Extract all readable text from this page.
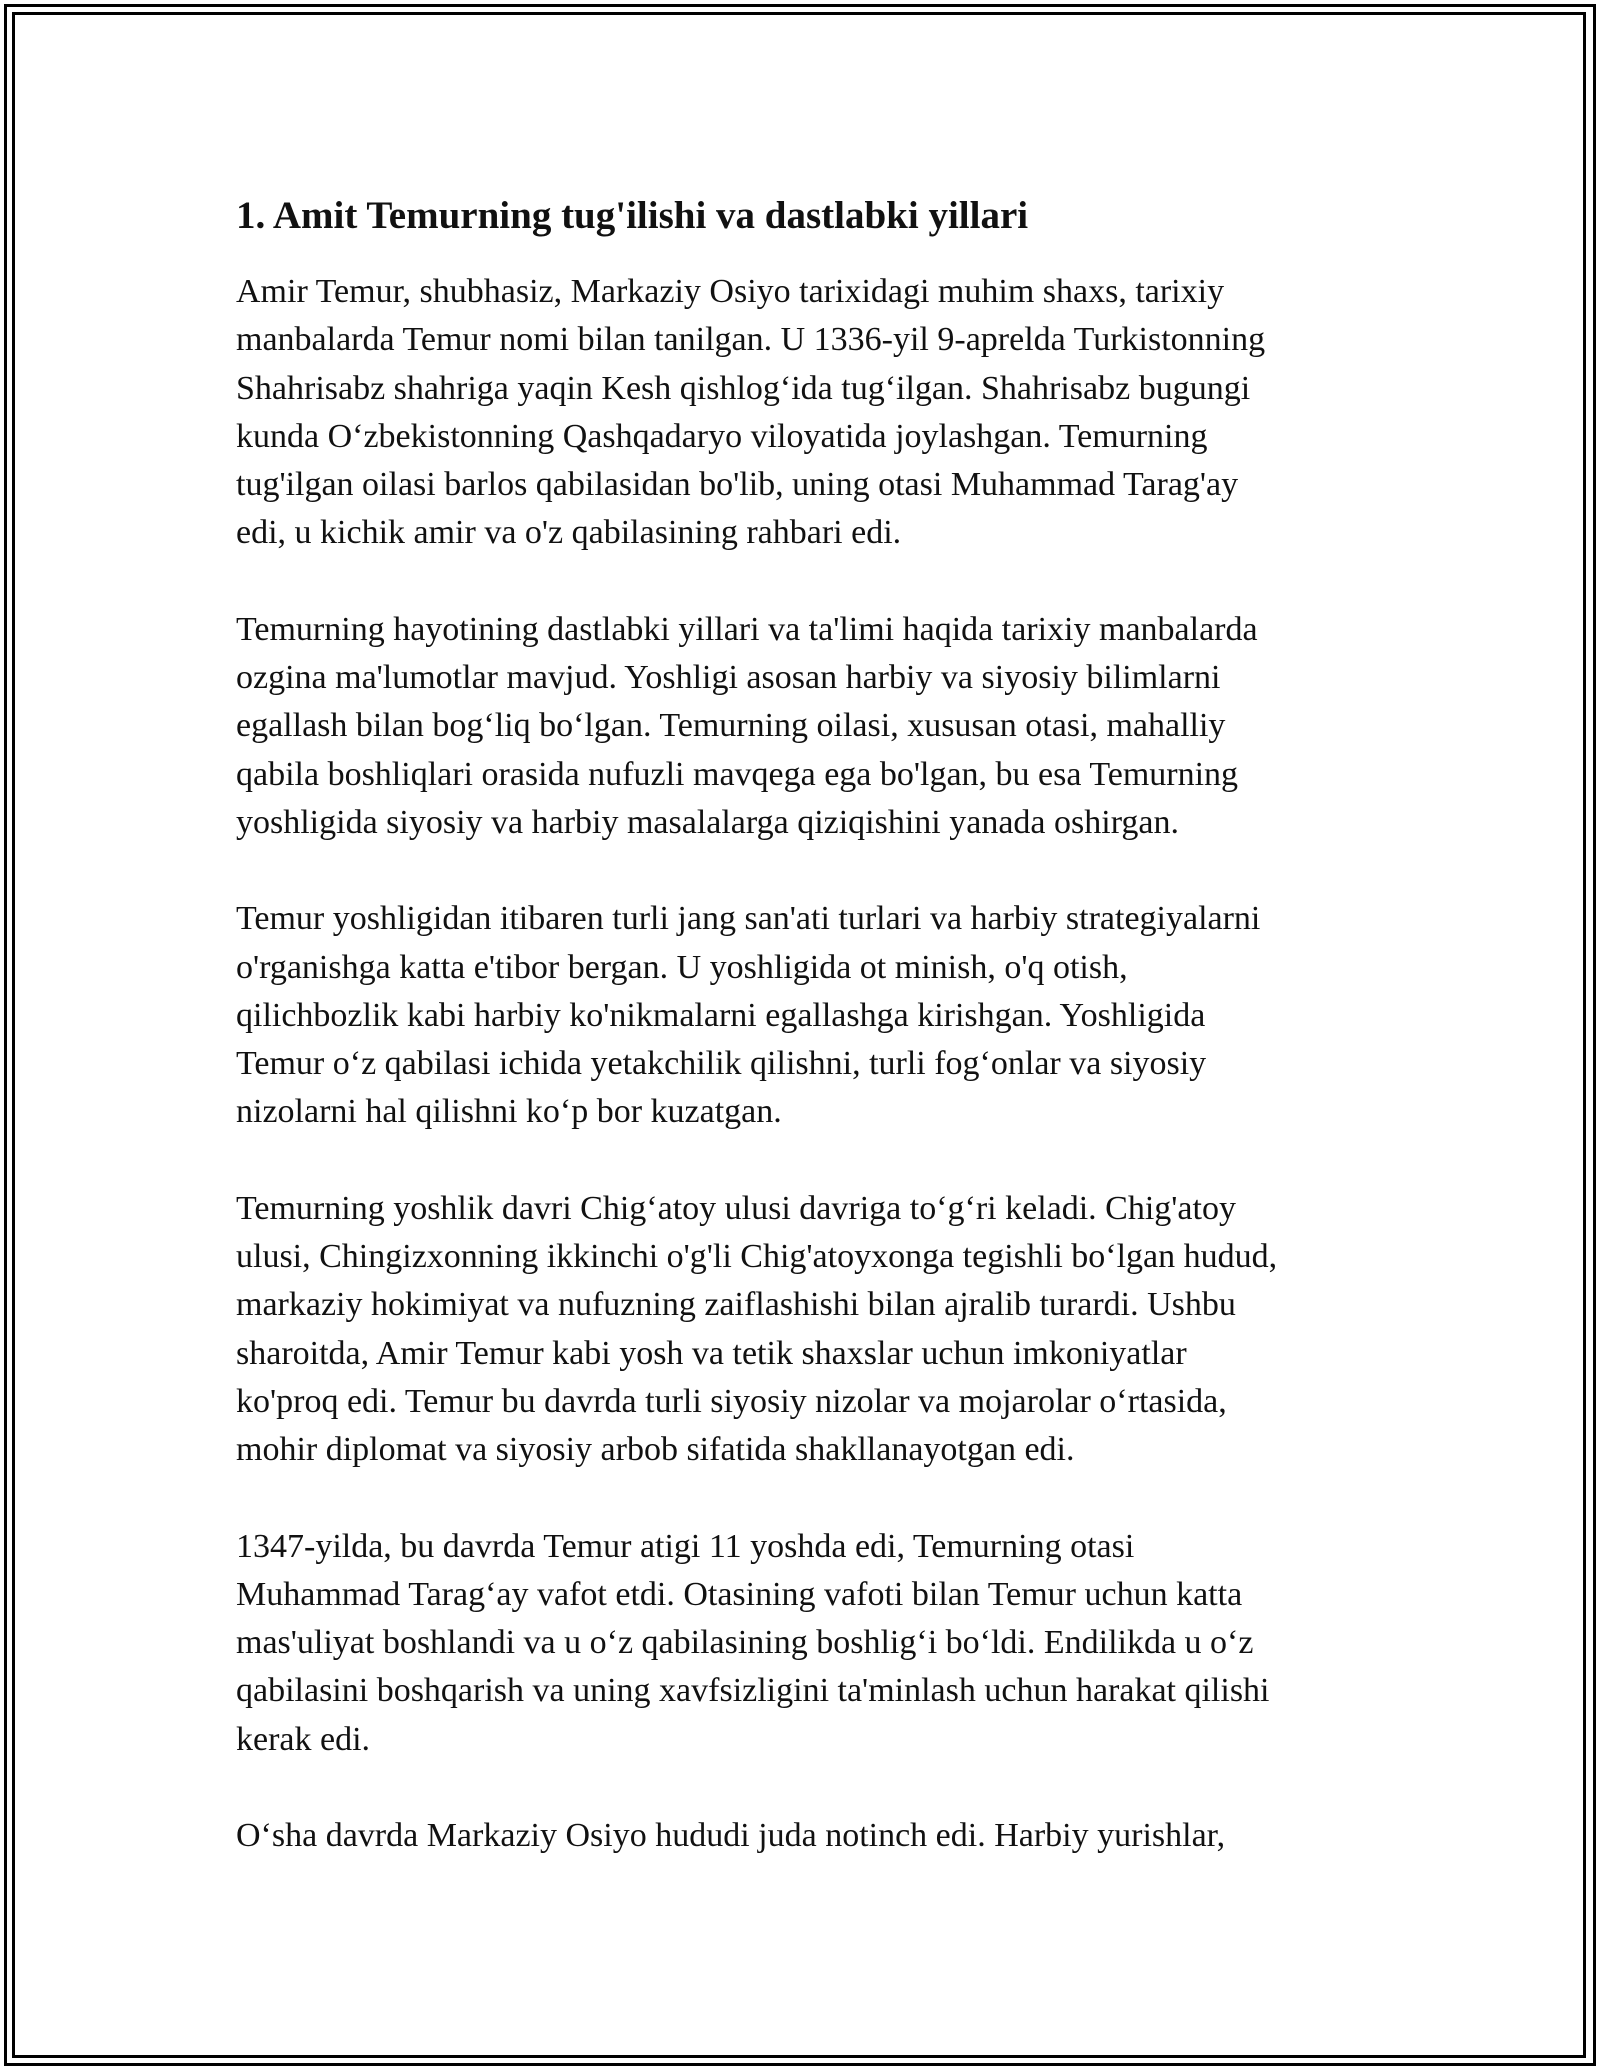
1. Amit Temurning tug'ilishi va dastlabki yillari
Amir Temur, shubhasiz, Markaziy Osiyo tarixidagi muhim shaxs, tarixiy
manbalarda Temur nomi bilan tanilgan. U 1336-yil 9-aprelda Turkistonning
Shahrisabz shahriga yaqin Kesh qishlog‘ida tug‘ilgan. Shahrisabz bugungi
kunda O‘zbekistonning Qashqadaryo viloyatida joylashgan. Temurning
tug'ilgan oilasi barlos qabilasidan bo'lib, uning otasi Muhammad Tarag'ay
edi, u kichik amir va o'z qabilasining rahbari edi.
Temurning hayotining dastlabki yillari va ta'limi haqida tarixiy manbalarda
ozgina ma'lumotlar mavjud. Yoshligi asosan harbiy va siyosiy bilimlarni
egallash bilan bog‘liq bo‘lgan. Temurning oilasi, xususan otasi, mahalliy
qabila boshliqlari orasida nufuzli mavqega ega bo'lgan, bu esa Temurning
yoshligida siyosiy va harbiy masalalarga qiziqishini yanada oshirgan.
Temur yoshligidan itibaren turli jang san'ati turlari va harbiy strategiyalarni
o'rganishga katta e'tibor bergan. U yoshligida ot minish, o'q otish,
qilichbozlik kabi harbiy ko'nikmalarni egallashga kirishgan. Yoshligida
Temur o‘z qabilasi ichida yetakchilik qilishni, turli fog‘onlar va siyosiy
nizolarni hal qilishni ko‘p bor kuzatgan.
Temurning yoshlik davri Chig‘atoy ulusi davriga to‘g‘ri keladi. Chig'atoy
ulusi, Chingizxonning ikkinchi o'g'li Chig'atoyxonga tegishli bo‘lgan hudud,
markaziy hokimiyat va nufuzning zaiflashishi bilan ajralib turardi. Ushbu
sharoitda, Amir Temur kabi yosh va tetik shaxslar uchun imkoniyatlar
ko'proq edi. Temur bu davrda turli siyosiy nizolar va mojarolar o‘rtasida,
mohir diplomat va siyosiy arbob sifatida shakllanayotgan edi.
1347-yilda, bu davrda Temur atigi 11 yoshda edi, Temurning otasi
Muhammad Tarag‘ay vafot etdi. Otasining vafoti bilan Temur uchun katta
mas'uliyat boshlandi va u o‘z qabilasining boshlig‘i bo‘ldi. Endilikda u o‘z
qabilasini boshqarish va uning xavfsizligini ta'minlash uchun harakat qilishi
kerak edi.
O‘sha davrda Markaziy Osiyo hududi juda notinch edi. Harbiy yurishlar,
